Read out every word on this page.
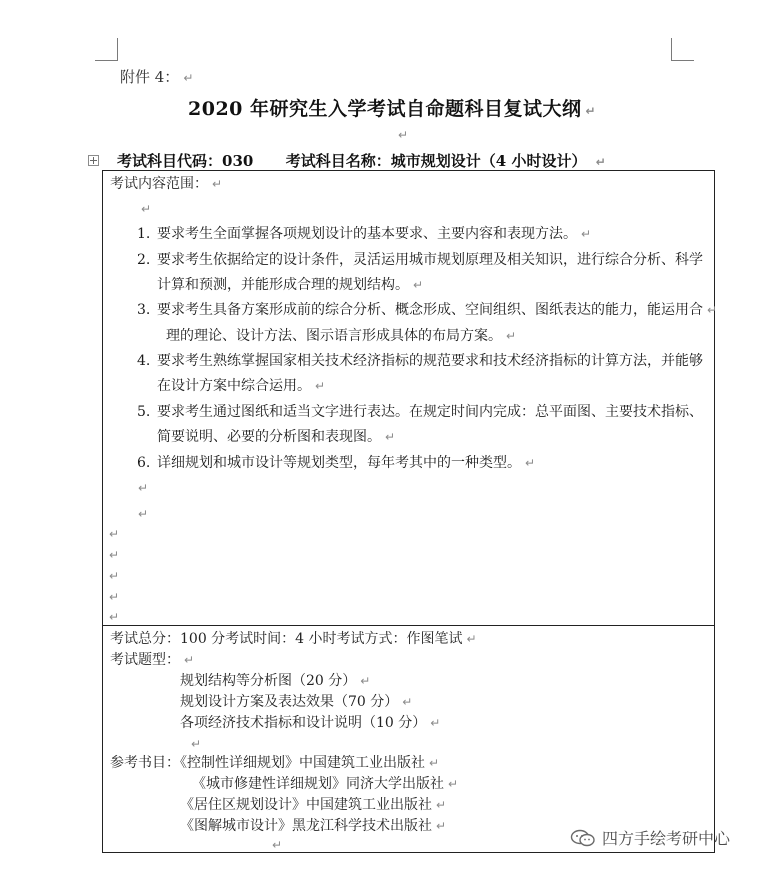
附件 4： ↵
2020 年研究生入学考试自命题科目复试大纲 ↵
↵
考试科目代码：030 考试科目名称：城市规划设计（4 小时设计） ↵
考试内容范围： ↵
↵
1. 要求考生全面掌握各项规划设计的基本要求、主要内容和表现方法。 ↵
2. 要求考生依据给定的设计条件，灵活运用城市规划原理及相关知识，进行综合分析、科学
计算和预测，并能形成合理的规划结构。 ↵
3. 要求考生具备方案形成前的综合分析、概念形成、空间组织、图纸表达的能力，能运用合 ↵
理的理论、设计方法、图示语言形成具体的布局方案。 ↵
4. 要求考生熟练掌握国家相关技术经济指标的规范要求和技术经济指标的计算方法，并能够
在设计方案中综合运用。 ↵
5. 要求考生通过图纸和适当文字进行表达。在规定时间内完成：总平面图、主要技术指标、
简要说明、必要的分析图和表现图。 ↵
6. 详细规划和城市设计等规划类型，每年考其中的一种类型。 ↵
↵
↵
↵
↵
↵
↵
↵
考试总分：100 分考试时间：4 小时考试方式：作图笔试 ↵
考试题型： ↵
规划结构等分析图（20 分） ↵
规划设计方案及表达效果（70 分） ↵
各项经济技术指标和设计说明（10 分） ↵
↵
参考书目：《控制性详细规划》中国建筑工业出版社 ↵
《城市修建性详细规划》同济大学出版社 ↵
《居住区规划设计》中国建筑工业出版社 ↵
《图解城市设计》黑龙江科学技术出版社 ↵
↵	四方手绘考研中心
